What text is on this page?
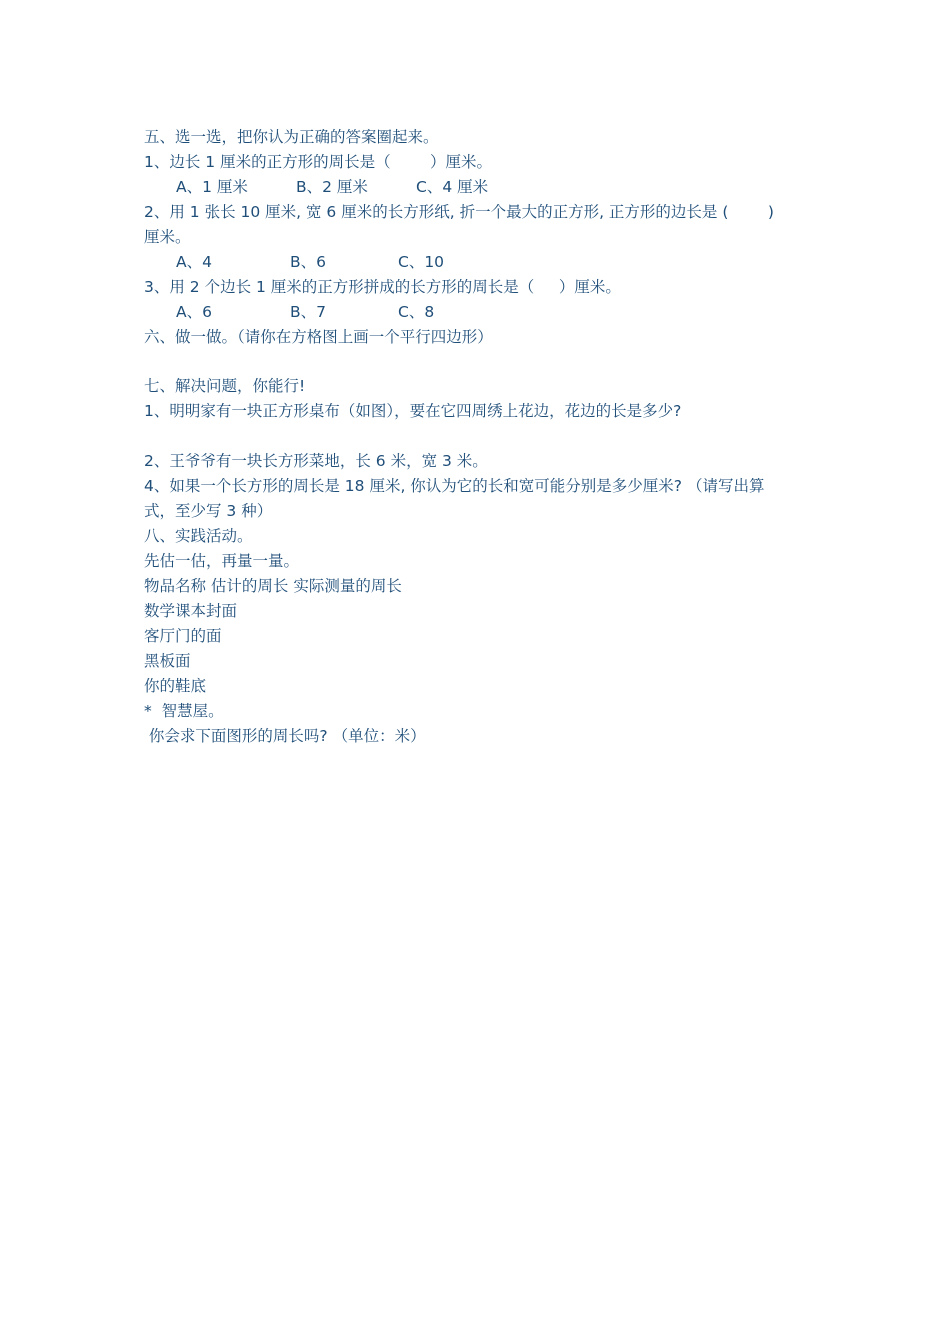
五、选一选，把你认为正确的答案圈起来。
1、边长 1 厘米的正方形的周长是（        ）厘米。
A、1 厘米	B、2 厘米	C、4 厘米
2、用 1 张长 10 厘米, 宽 6 厘米的长方形纸, 折一个最大的正方形, 正方形的边长是 (        )
厘米。
A、4	B、6	C、10
3、用 2 个边长 1 厘米的正方形拼成的长方形的周长是（     ）厘米。
A、6	B、7	C、8
六、做一做。（请你在方格图上画一个平行四边形）
七、解决问题，你能行!
1、明明家有一块正方形桌布（如图），要在它四周绣上花边，花边的长是多少?
2、王爷爷有一块长方形菜地，长 6 米，宽 3 米。
4、如果一个长方形的周长是 18 厘米, 你认为它的长和宽可能分别是多少厘米? （请写出算
式，至少写 3 种）
八、实践活动。
先估一估，再量一量。
物品名称 估计的周长 实际测量的周长
数学课本封面
客厅门的面
黑板面
你的鞋底
*  智慧屋。
你会求下面图形的周长吗? （单位：米）
